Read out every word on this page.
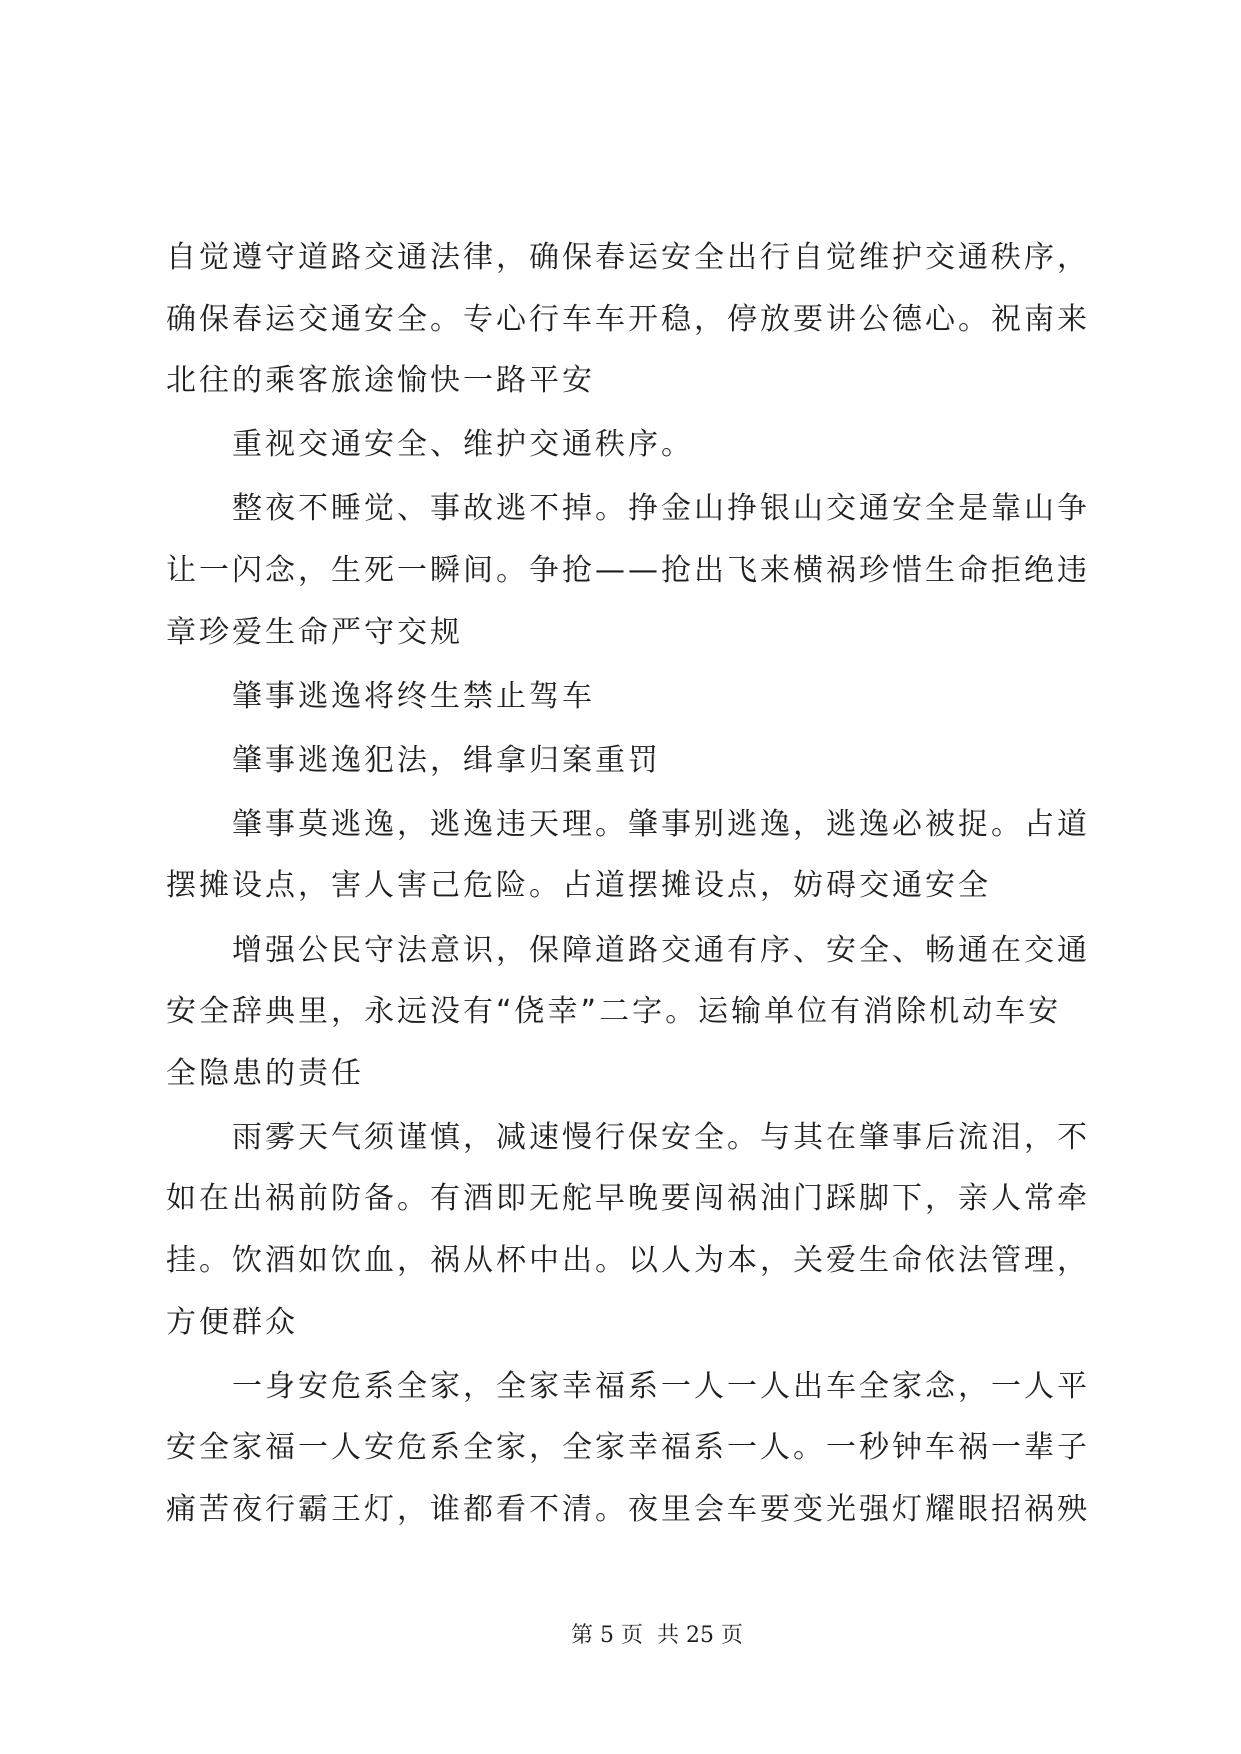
自觉遵守道路交通法律，确保春运安全出行自觉维护交通秩序，
确保春运交通安全。专心行车车开稳，停放要讲公德心。祝南来
北往的乘客旅途愉快一路平安
重视交通安全、维护交通秩序。
整夜不睡觉、事故逃不掉。挣金山挣银山交通安全是靠山争
让一闪念，生死一瞬间。争抢——抢出飞来横祸珍惜生命拒绝违
章珍爱生命严守交规
肇事逃逸将终生禁止驾车
肇事逃逸犯法，缉拿归案重罚
肇事莫逃逸，逃逸违天理。肇事别逃逸，逃逸必被捉。占道
摆摊设点，害人害己危险。占道摆摊设点，妨碍交通安全
增强公民守法意识，保障道路交通有序、安全、畅通在交通
安全辞典里，永远没有“侥幸”二字。运输单位有消除机动车安
全隐患的责任
雨雾天气须谨慎，减速慢行保安全。与其在肇事后流泪，不
如在出祸前防备。有酒即无舵早晚要闯祸油门踩脚下，亲人常牵
挂。饮酒如饮血，祸从杯中出。以人为本，关爱生命依法管理，
方便群众
一身安危系全家，全家幸福系一人一人出车全家念，一人平
安全家福一人安危系全家，全家幸福系一人。一秒钟车祸一辈子
痛苦夜行霸王灯，谁都看不清。夜里会车要变光强灯耀眼招祸殃
第 5 页  共 25 页
